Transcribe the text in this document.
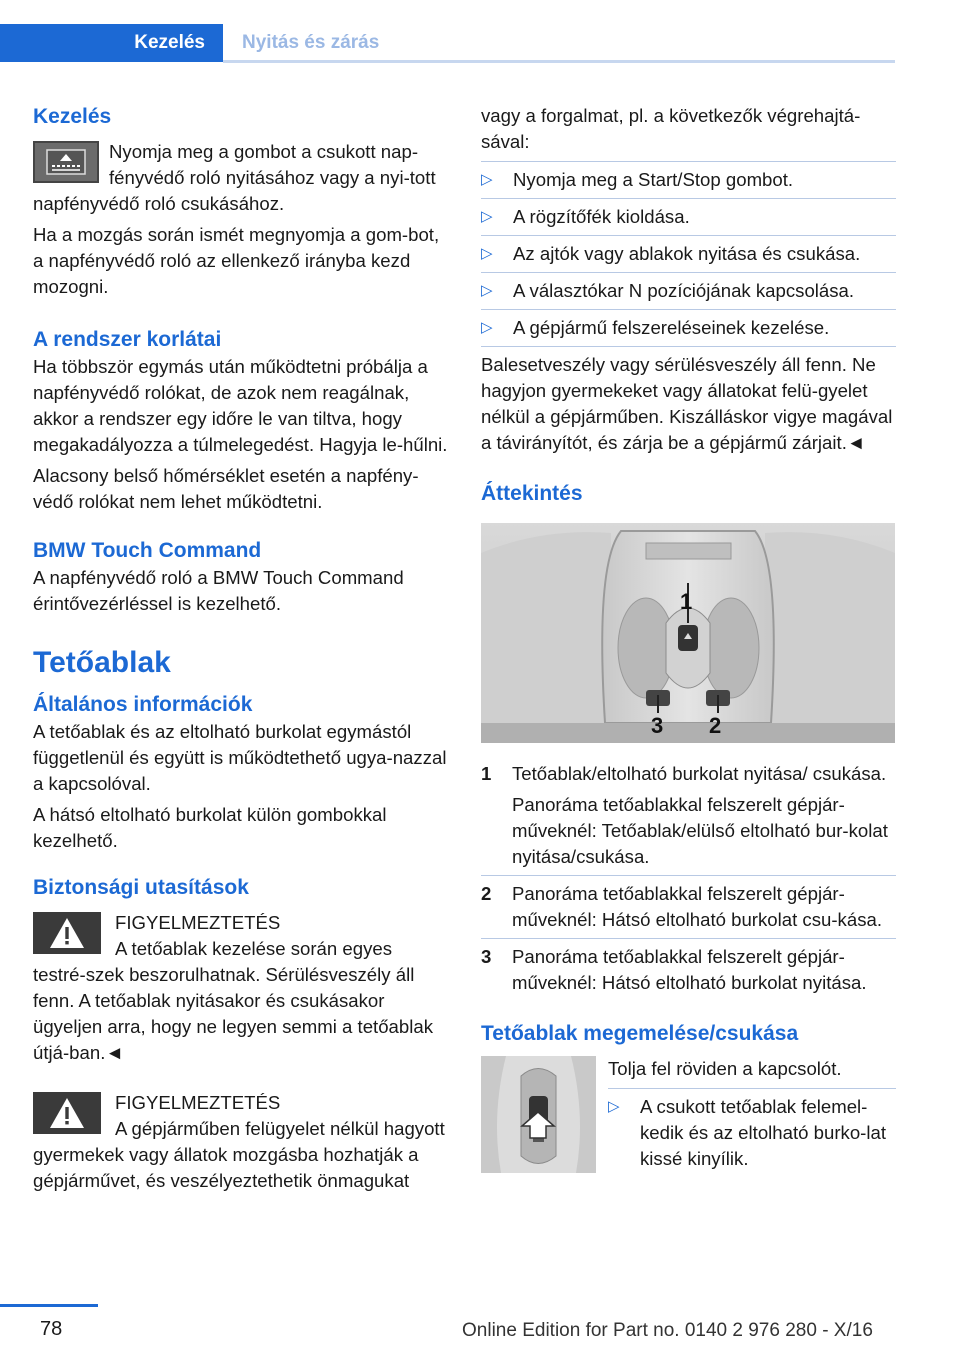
Kezelés	Nyitás és zárás
Kezelés

Nyomja meg a gombot a csukott nap‐fényvédő roló nyitásához vagy a nyi‐tott napfényvédő roló csukásához.

Ha a mozgás során ismét megnyomja a gom‐bot, a napfényvédő roló az ellenkező irányba kezd mozogni.

A rendszer korlátai

Ha többször egymás után működtetni próbálja a napfényvédő rolókat, de azok nem reagálnak, akkor a rendszer egy időre le van tiltva, hogy megakadályozza a túlmelegedést. Hagyja le‐hűlni.

Alacsony belső hőmérséklet esetén a napfény‐védő rolókat nem lehet működtetni.

BMW Touch Command

A napfényvédő roló a BMW Touch Command érintővezérléssel is kezelhető.

Tetőablak
Általános információk

A tetőablak és az eltolható burkolat egymástól függetlenül és együtt is működtethető ugya‐nazzal a kapcsolóval.

A hátsó eltolható burkolat külön gombokkal kezelhető.

Biztonsági utasítások
FIGYELMEZTETÉS

A tetőablak kezelése során egyes testré‐szek beszorulhatnak. Sérülésveszély áll fenn. A tetőablak nyitásakor és csukásakor ügyeljen arra, hogy ne legyen semmi a tetőablak útjá‐ban.◄

FIGYELMEZTETÉS

A gépjárműben felügyelet nélkül hagyott gyermekek vagy állatok mozgásba hozhatják a gépjárművet, és veszélyeztethetik önmagukat

vagy a forgalmat, pl. a következők végrehajtá‐sával:

▷	Nyomja meg a Start/Stop gombot.
▷	A rögzítőfék kioldása.
▷	Az ajtók vagy ablakok nyitása és csukása.
▷	A választókar N pozíciójának kapcsolása.
▷	A gépjármű felszereléseinek kezelése.

Balesetveszély vagy sérülésveszély áll fenn. Ne hagyjon gyermekeket vagy állatokat felü‐gyelet nélkül a gépjárműben. Kiszálláskor vigye magával a távirányítót, és zárja be a gépjármű zárjait.◄

Áttekintés
1
2
3
1	Tetőablak/eltolható burkolat nyitása/ csukása.

Panoráma tetőablakkal felszerelt gépjár‐műveknél: Tetőablak/elülső eltolható bur‐kolat nyitása/csukása.

2	Panoráma tetőablakkal felszerelt gépjár‐műveknél: Hátsó eltolható burkolat csu‐kása.

3	Panoráma tetőablakkal felszerelt gépjár‐műveknél: Hátsó eltolható burkolat nyitása.

Tetőablak megemelése/csukása

Tolja fel röviden a kapcsolót.

▷	A csukott tetőablak felemel‐kedik és az eltolható burko‐lat kissé kinyílik.
78	Online Edition for Part no. 0140 2 976 280 - X/16
